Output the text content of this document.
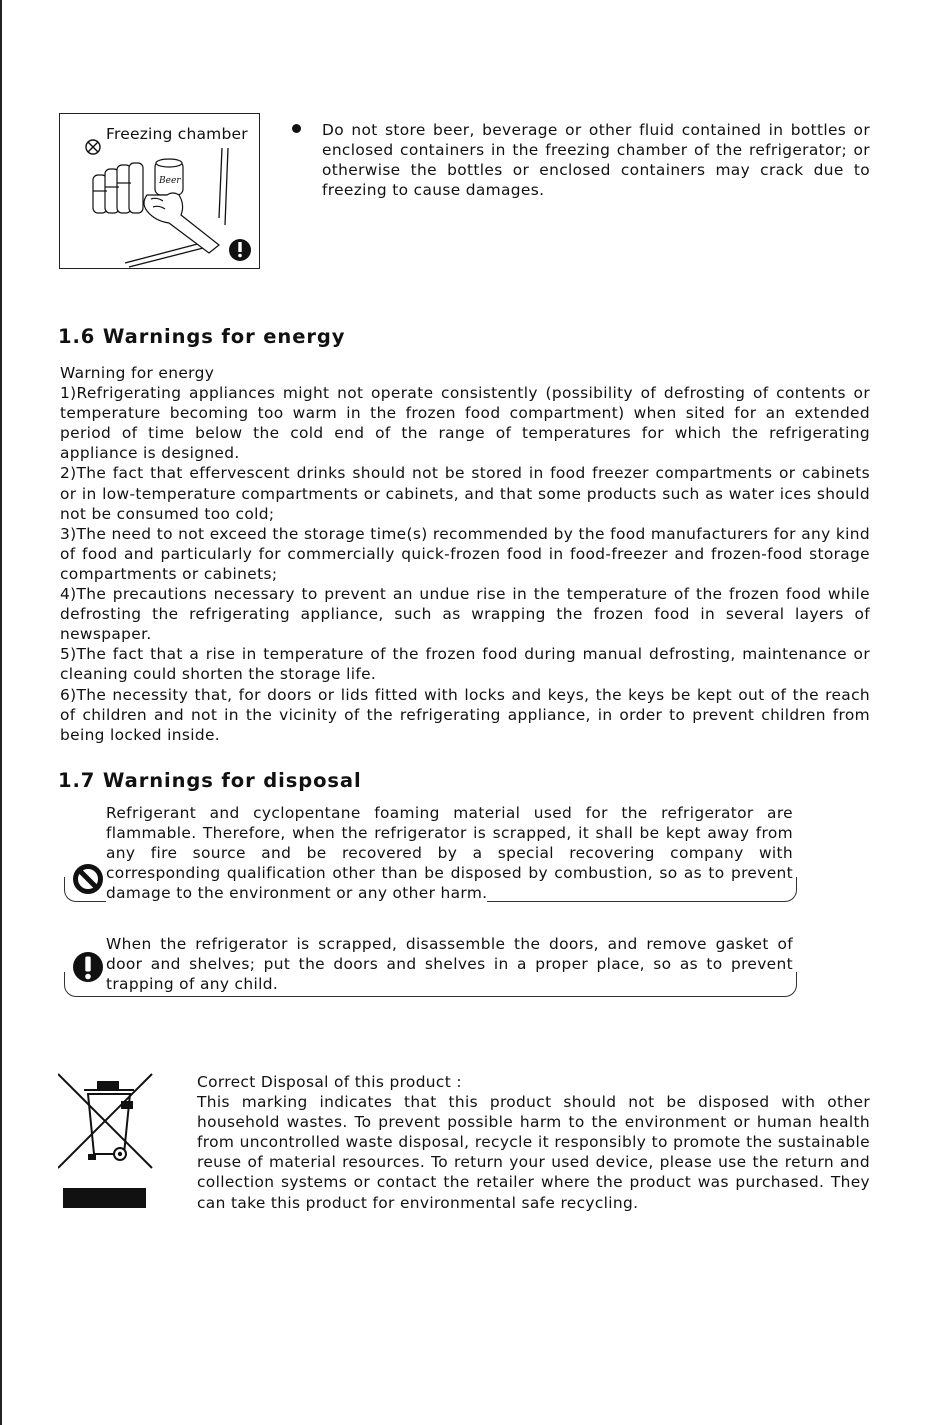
Beer
Freezing chamber	Do not store beer, beverage or other fluid contained in bottles or enclosed containers in the freezing chamber of the refrigerator; or otherwise the bottles or enclosed containers may crack due to freezing to cause damages.
1.6 Warnings for energy

Warning for energy

1)Refrigerating appliances might not operate consistently (possibility of defrosting of contents or temperature becoming too warm in the frozen food compartment) when sited for an extended period of time below the cold end of the range of temperatures for which the refrigerating appliance is designed.

2)The fact that effervescent drinks should not be stored in food freezer compartments or cabinets or in low-temperature compartments or cabinets, and that some products such as water ices should not be consumed too cold;

3)The need to not exceed the storage time(s) recommended by the food manufacturers for any kind of food and particularly for commercially quick-frozen food in food-freezer and frozen-food storage compartments or cabinets;

4)The precautions necessary to prevent an undue rise in the temperature of the frozen food while defrosting the refrigerating appliance, such as wrapping the frozen food in several layers of newspaper.

5)The fact that a rise in temperature of the frozen food during manual defrosting, maintenance or cleaning could shorten the storage life.

6)The necessity that, for doors or lids fitted with locks and keys, the keys be kept out of the reach of children and not in the vicinity of the refrigerating appliance, in order to prevent children from being locked inside.

1.7 Warnings for disposal
Refrigerant and cyclopentane foaming material used for the refrigerator are flammable. Therefore, when the refrigerator is scrapped, it shall be kept away from any fire source and be recovered by a special recovering company with corresponding qualification other than be disposed by combustion, so as to prevent damage to the environment or any other harm.
When the refrigerator is scrapped, disassemble the doors, and remove gasket of door and shelves; put the doors and shelves in a proper place, so as to prevent trapping of any child.

Correct Disposal of this product :

This marking indicates that this product should not be disposed with other household wastes. To prevent possible harm to the environment or human health from uncontrolled waste disposal, recycle it responsibly to promote the sustainable reuse of material resources. To return your used device, please use the return and collection systems or contact the retailer where the product was purchased. They can take this product for environmental safe recycling.
